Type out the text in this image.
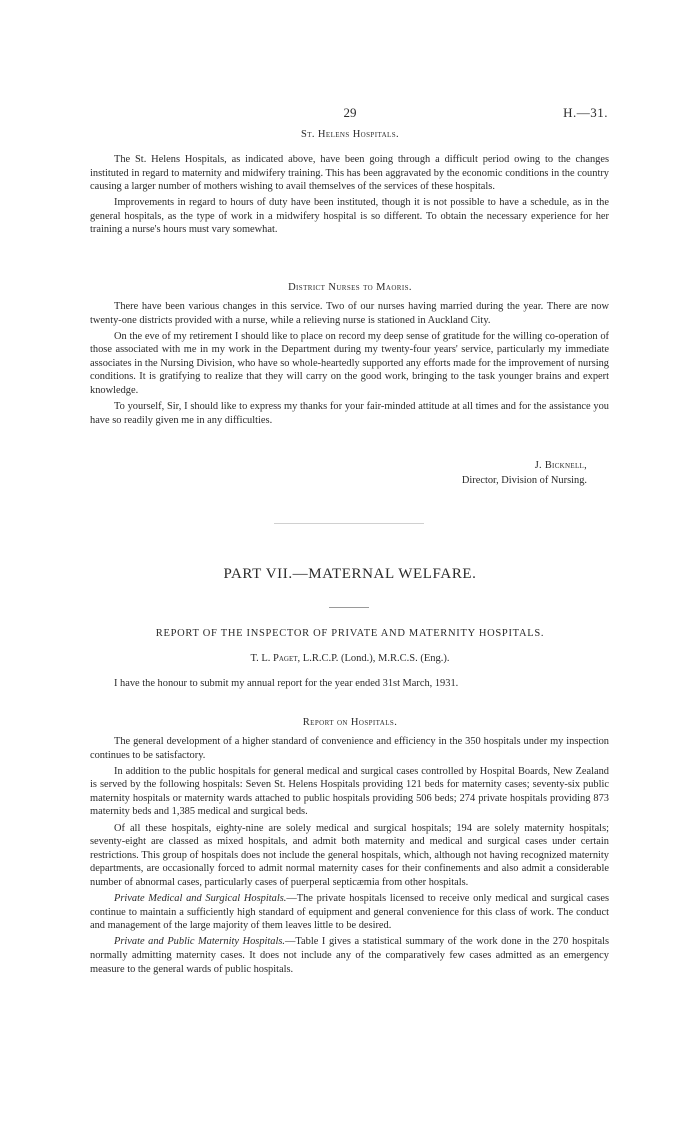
29	H.—31.
St. Helens Hospitals.

The St. Helens Hospitals, as indicated above, have been going through a difficult period owing to the changes instituted in regard to maternity and midwifery training. This has been aggravated by the economic conditions in the country causing a larger number of mothers wishing to avail themselves of the services of these hospitals.

Improvements in regard to hours of duty have been instituted, though it is not possible to have a schedule, as in the general hospitals, as the type of work in a midwifery hospital is so different. To obtain the necessary experience for her training a nurse's hours must vary somewhat.

District Nurses to Maoris.

There have been various changes in this service. Two of our nurses having married during the year. There are now twenty-one districts provided with a nurse, while a relieving nurse is stationed in Auckland City.

On the eve of my retirement I should like to place on record my deep sense of gratitude for the willing co-operation of those associated with me in my work in the Department during my twenty-four years' service, particularly my immediate associates in the Nursing Division, who have so whole-heartedly supported any efforts made for the improvement of nursing conditions. It is gratifying to realize that they will carry on the good work, bringing to the task younger brains and expert knowledge.

To yourself, Sir, I should like to express my thanks for your fair-minded attitude at all times and for the assistance you have so readily given me in any difficulties.

J. Bicknell,
Director, Division of Nursing.
PART VII.—MATERNAL WELFARE.
REPORT OF THE INSPECTOR OF PRIVATE AND MATERNITY HOSPITALS.
T. L. Paget, L.R.C.P. (Lond.), M.R.C.S. (Eng.).

I have the honour to submit my annual report for the year ended 31st March, 1931.

Report on Hospitals.

The general development of a higher standard of convenience and efficiency in the 350 hospitals under my inspection continues to be satisfactory.

In addition to the public hospitals for general medical and surgical cases controlled by Hospital Boards, New Zealand is served by the following hospitals: Seven St. Helens Hospitals providing 121 beds for maternity cases; seventy-six public maternity hospitals or maternity wards attached to public hospitals providing 506 beds; 274 private hospitals providing 873 maternity beds and 1,385 medical and surgical beds.

Of all these hospitals, eighty-nine are solely medical and surgical hospitals; 194 are solely maternity hospitals; seventy-eight are classed as mixed hospitals, and admit both maternity and medical and surgical cases under certain restrictions. This group of hospitals does not include the general hospitals, which, although not having recognized maternity departments, are occasionally forced to admit normal maternity cases for their confinements and also admit a considerable number of abnormal cases, particularly cases of puerperal septicæmia from other hospitals.

Private Medical and Surgical Hospitals.—The private hospitals licensed to receive only medical and surgical cases continue to maintain a sufficiently high standard of equipment and general convenience for this class of work. The conduct and management of the large majority of them leaves little to be desired.

Private and Public Maternity Hospitals.—Table I gives a statistical summary of the work done in the 270 hospitals normally admitting maternity cases. It does not include any of the comparatively few cases admitted as an emergency measure to the general wards of public hospitals.
